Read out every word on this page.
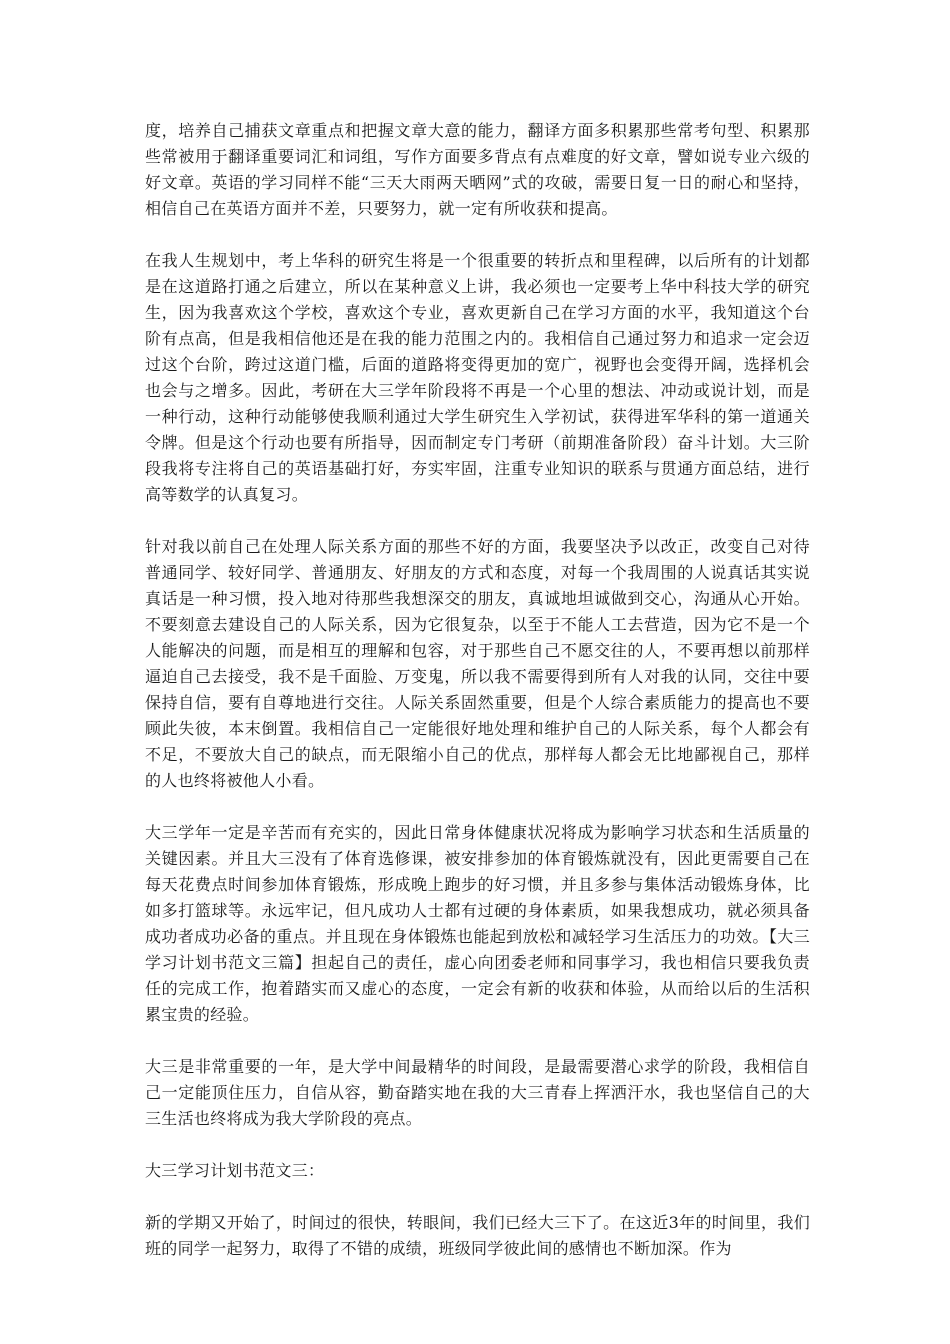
度，培养自己捕获文章重点和把握文章大意的能力，翻译方面多积累那些常考句型、积累那些常被用于翻译重要词汇和词组，写作方面要多背点有点难度的好文章，譬如说专业六级的好文章。英语的学习同样不能“三天大雨两天晒网”式的攻破，需要日复一日的耐心和坚持，相信自己在英语方面并不差，只要努力，就一定有所收获和提高。

在我人生规划中，考上华科的研究生将是一个很重要的转折点和里程碑，以后所有的计划都是在这道路打通之后建立，所以在某种意义上讲，我必须也一定要考上华中科技大学的研究生，因为我喜欢这个学校，喜欢这个专业，喜欢更新自己在学习方面的水平，我知道这个台阶有点高，但是我相信他还是在我的能力范围之内的。我相信自己通过努力和追求一定会迈过这个台阶，跨过这道门槛，后面的道路将变得更加的宽广，视野也会变得开阔，选择机会也会与之增多。因此，考研在大三学年阶段将不再是一个心里的想法、冲动或说计划，而是一种行动，这种行动能够使我顺利通过大学生研究生入学初试，获得进军华科的第一道通关令牌。但是这个行动也要有所指导，因而制定专门考研（前期准备阶段）奋斗计划。大三阶段我将专注将自己的英语基础打好，夯实牢固，注重专业知识的联系与贯通方面总结，进行高等数学的认真复习。

针对我以前自己在处理人际关系方面的那些不好的方面，我要坚决予以改正，改变自己对待普通同学、较好同学、普通朋友、好朋友的方式和态度，对每一个我周围的人说真话其实说真话是一种习惯，投入地对待那些我想深交的朋友，真诚地坦诚做到交心，沟通从心开始。不要刻意去建设自己的人际关系，因为它很复杂，以至于不能人工去营造，因为它不是一个人能解决的问题，而是相互的理解和包容，对于那些自己不愿交往的人，不要再想以前那样逼迫自己去接受，我不是千面脸、万变鬼，所以我不需要得到所有人对我的认同，交往中要保持自信，要有自尊地进行交往。人际关系固然重要，但是个人综合素质能力的提高也不要顾此失彼，本末倒置。我相信自己一定能很好地处理和维护自己的人际关系，每个人都会有不足，不要放大自己的缺点，而无限缩小自己的优点，那样每人都会无比地鄙视自己，那样的人也终将被他人小看。

大三学年一定是辛苦而有充实的，因此日常身体健康状况将成为影响学习状态和生活质量的关键因素。并且大三没有了体育选修课，被安排参加的体育锻炼就没有，因此更需要自己在每天花费点时间参加体育锻炼，形成晚上跑步的好习惯，并且多参与集体活动锻炼身体，比如多打篮球等。永远牢记，但凡成功人士都有过硬的身体素质，如果我想成功，就必须具备成功者成功必备的重点。并且现在身体锻炼也能起到放松和减轻学习生活压力的功效。【大三学习计划书范文三篇】担起自己的责任，虚心向团委老师和同事学习，我也相信只要我负责任的完成工作，抱着踏实而又虚心的态度，一定会有新的收获和体验，从而给以后的生活积累宝贵的经验。

大三是非常重要的一年，是大学中间最精华的时间段，是最需要潜心求学的阶段，我相信自己一定能顶住压力，自信从容，勤奋踏实地在我的大三青春上挥洒汗水，我也坚信自己的大三生活也终将成为我大学阶段的亮点。

大三学习计划书范文三：

新的学期又开始了，时间过的很快，转眼间，我们已经大三下了。在这近3年的时间里，我们班的同学一起努力，取得了不错的成绩，班级同学彼此间的感情也不断加深。作为
